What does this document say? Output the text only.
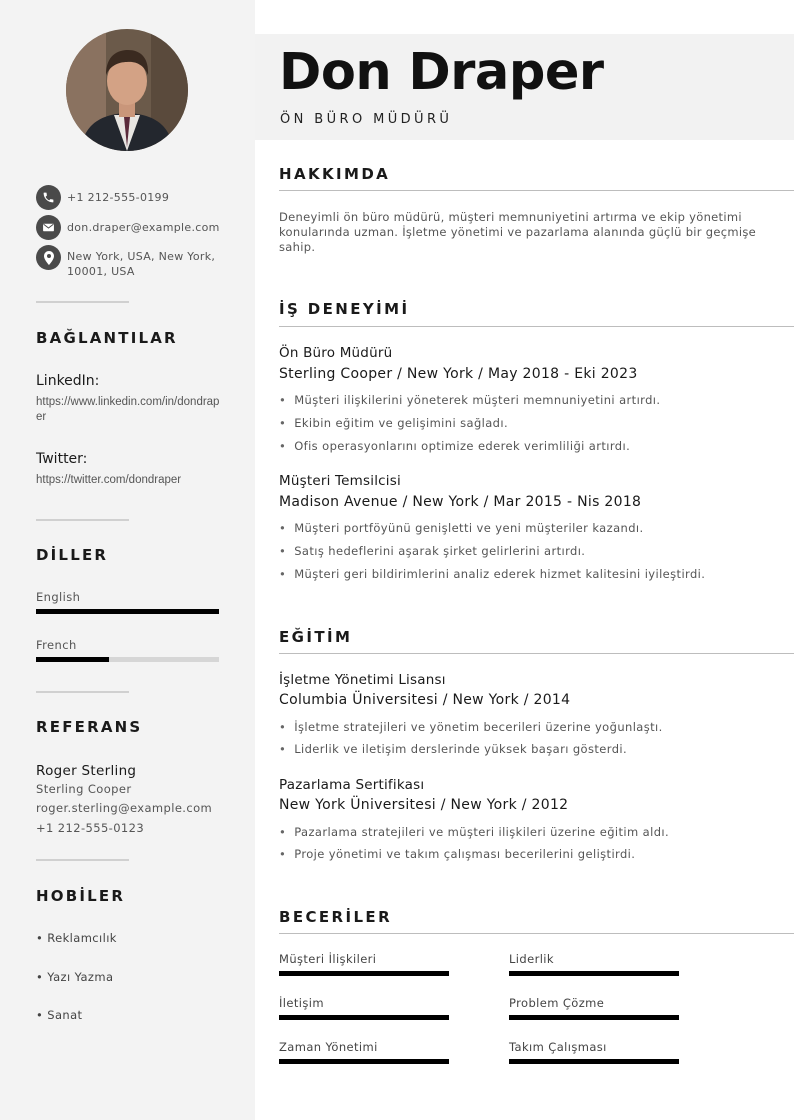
+1 212-555-0199
don.draper@example.com
New York, USA, New York, 10001, USA
BAĞLANTILAR
LinkedIn:
https://www.linkedin.com/in/dondraper
Twitter:
https://twitter.com/dondraper
DİLLER
English
French
REFERANS
Roger Sterling
Sterling Cooper
roger.sterling@example.com
+1 212-555-0123
HOBİLER
• Reklamcılık
• Yazı Yazma
• Sanat
Don Draper
ÖN BÜRO MÜDÜRÜ
HAKKIMDA
Deneyimli ön büro müdürü, müşteri memnuniyetini artırma ve ekip yönetimi konularında uzman. İşletme yönetimi ve pazarlama alanında güçlü bir geçmişe sahip.
İŞ DENEYİMİ
Ön Büro Müdürü
Sterling Cooper / New York / May 2018 - Eki 2023
• Müşteri ilişkilerini yöneterek müşteri memnuniyetini artırdı.
• Ekibin eğitim ve gelişimini sağladı.
• Ofis operasyonlarını optimize ederek verimliliği artırdı.
Müşteri Temsilcisi
Madison Avenue / New York / Mar 2015 - Nis 2018
• Müşteri portföyünü genişletti ve yeni müşteriler kazandı.
• Satış hedeflerini aşarak şirket gelirlerini artırdı.
• Müşteri geri bildirimlerini analiz ederek hizmet kalitesini iyileştirdi.
EĞİTİM
İşletme Yönetimi Lisansı
Columbia Üniversitesi / New York / 2014
• İşletme stratejileri ve yönetim becerileri üzerine yoğunlaştı.
• Liderlik ve iletişim derslerinde yüksek başarı gösterdi.
Pazarlama Sertifikası
New York Üniversitesi / New York / 2012
• Pazarlama stratejileri ve müşteri ilişkileri üzerine eğitim aldı.
• Proje yönetimi ve takım çalışması becerilerini geliştirdi.
BECERİLER
Müşteri İlişkileri	Liderlik
İletişim	Problem Çözme
Zaman Yönetimi	Takım Çalışması
